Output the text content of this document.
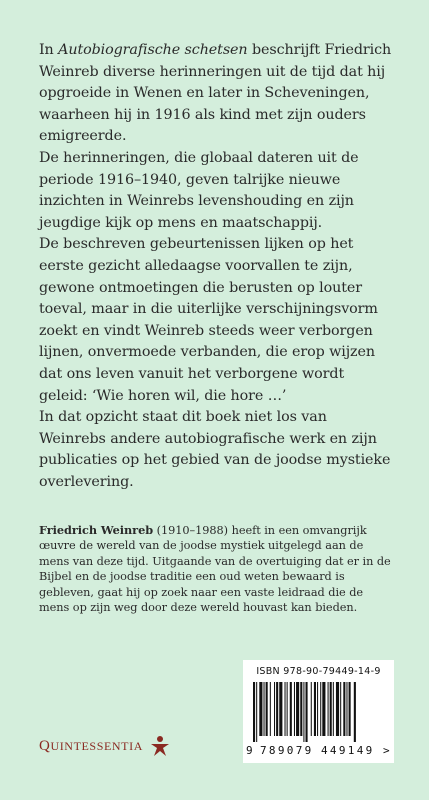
In Autobiografische schetsen beschrijft Friedrich Weinreb diverse herinneringen uit de tijd dat hij opgroeide in Wenen en later in Scheveningen, waarheen hij in 1916 als kind met zijn ouders emigreerde.

De herinneringen, die globaal dateren uit de periode 1916–1940, geven talrijke nieuwe inzichten in Weinrebs levenshouding en zijn jeugdige kijk op mens en maatschappij.

De beschreven gebeurtenissen lijken op het eerste gezicht alledaagse voorvallen te zijn, gewone ontmoetingen die berusten op louter toeval, maar in die uiterlijke verschijningsvorm zoekt en vindt Weinreb steeds weer verborgen lijnen, onvermoede verbanden, die erop wijzen dat ons leven vanuit het verborgene wordt geleid: ‘Wie horen wil, die hore …’

In dat opzicht staat dit boek niet los van Weinrebs andere autobiografische werk en zijn publicaties op het gebied van de joodse mystieke overlevering.

Friedrich Weinreb (1910–1988) heeft in een omvangrijk œuvre de wereld van de joodse mystiek uitgelegd aan de mens van deze tijd. Uitgaande van de overtuiging dat er in de Bijbel en de joodse traditie een oud weten bewaard is gebleven, gaat hij op zoek naar een vaste leidraad die de mens op zijn weg door deze wereld houvast kan bieden.
ISBN 978-90-79449-14-9
9 789079 449149 >
QUINTESSENTIA
